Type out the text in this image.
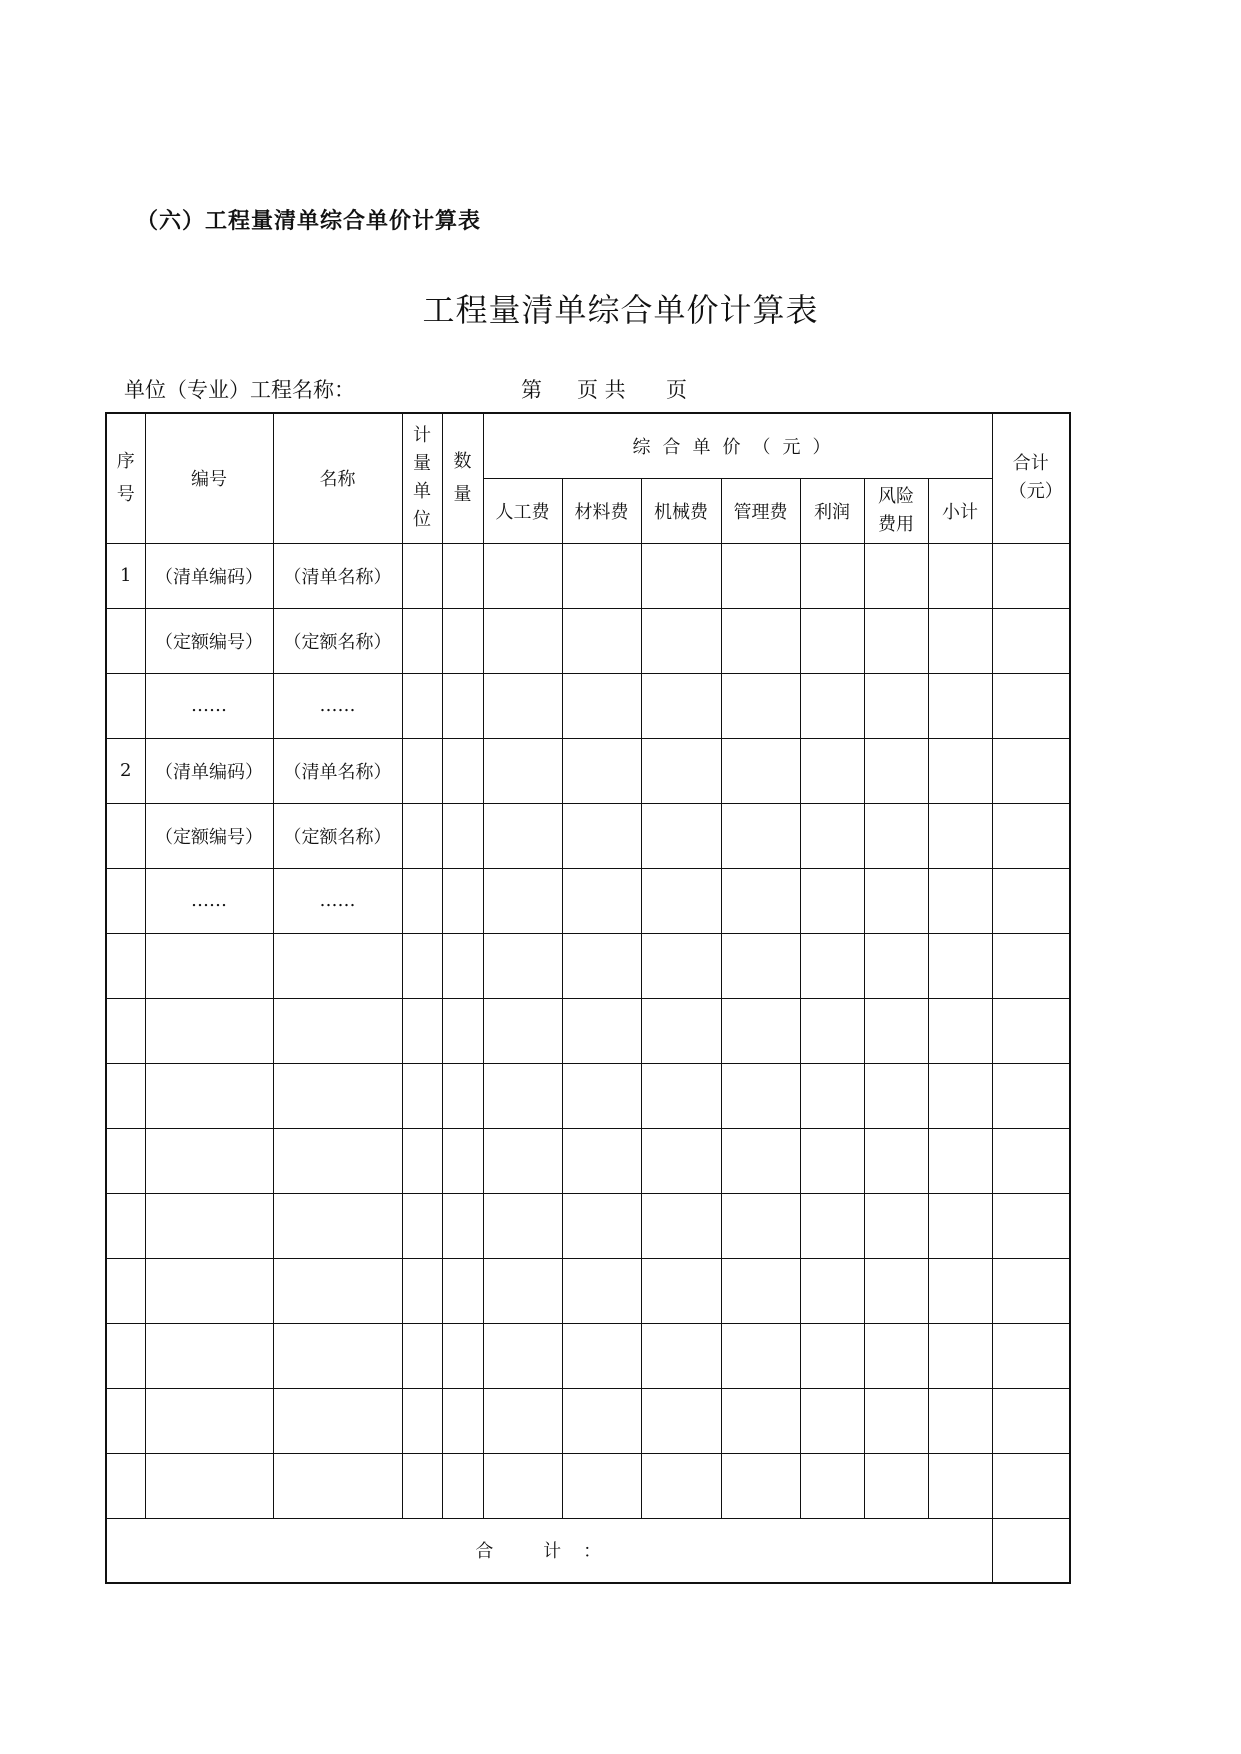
（六）工程量清单综合单价计算表
工程量清单综合单价计算表
单位（专业）工程名称：	第 页 共 页
序号	编号	名称	计量单位	数量	综合单价（元）							合计（元）
					人工费	材料费	机械费	管理费	利润	风险费用	小计	
1	（清单编码）	（清单名称）										
	（定额编号）	（定额名称）										
	……	……										
2	（清单编码）	（清单名称）										
	（定额编号）	（定额名称）										
	……	……										

合 计：												
